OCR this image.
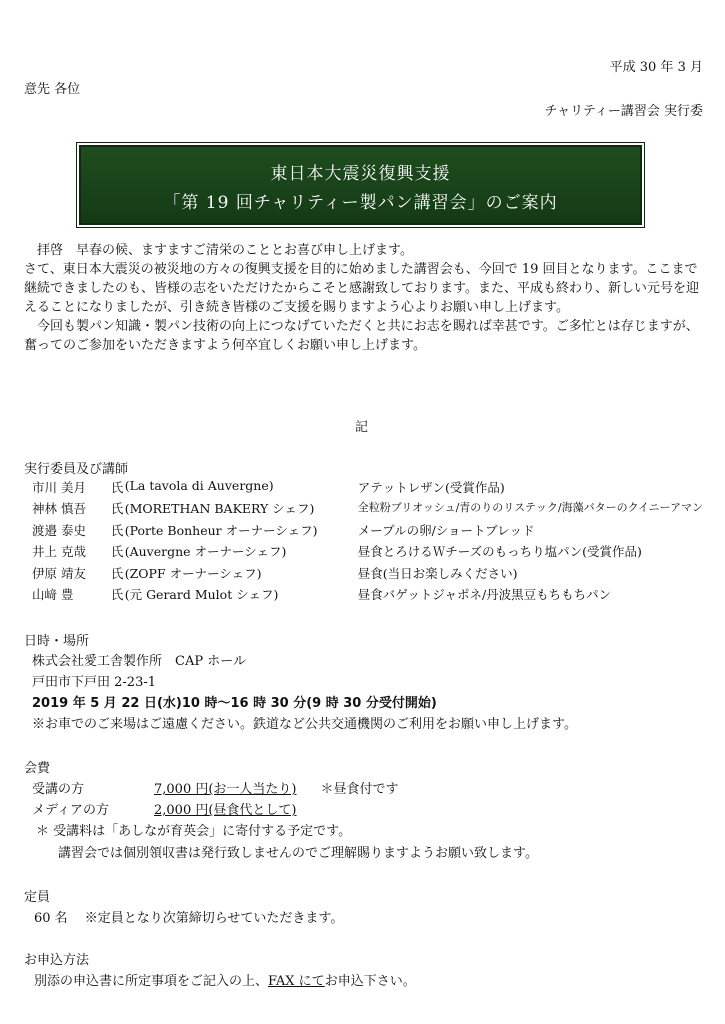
平成 30 年 3 月
意先 各位
チャリティー講習会 実行委
東日本大震災復興支援
「第 19 回チャリティー製パン講習会」のご案内

　拝啓　早春の候、ますますご清栄のこととお喜び申し上げます。

さて、東日本大震災の被災地の方々の復興支援を目的に始めました講習会も、今回で 19 回目となります。ここまで継続できましたのも、皆様の志をいただけたからこそと感謝致しております。また、平成も終わり、新しい元号を迎えることになりましたが、引き続き皆様のご支援を賜りますよう心よりお願い申し上げます。

　今回も製パン知識・製パン技術の向上につなげていただくと共にお志を賜れば幸甚です。ご多忙とは存じますが、奮ってのご参加をいただきますよう何卒宜しくお願い申し上げます。

記
実行委員及び講師
市川 美月	氏	(La tavola di Auvergne)	アテットレザン(受賞作品)
神林 慎吾	氏	(MORETHAN BAKERY シェフ)	全粒粉ブリオッシュ/青のりのリステック/海藻バターのクイニーアマン
渡邉 泰史	氏	(Porte Bonheur オーナーシェフ)	メープルの卵/ショートブレッド
井上 克哉	氏	(Auvergne オーナーシェフ)	昼食とろけるＷチーズのもっちり塩パン(受賞作品)
伊原 靖友	氏	(ZOPF オーナーシェフ)	昼食(当日お楽しみください)
山﨑 豊	氏	(元 Gerard Mulot シェフ)	昼食バゲットジャポネ/丹波黒豆もちもちパン
日時・場所
株式会社愛工舎製作所　CAP ホール
戸田市下戸田 2-23-1
2019 年 5 月 22 日(水)10 時〜16 時 30 分(9 時 30 分受付開始)
※お車でのご来場はご遠慮ください。鉄道など公共交通機関のご利用をお願い申し上げます。
会費
受講の方	7,000 円(お一人当たり) ＊昼食付です
メディアの方	2,000 円(昼食代として)
＊ 受講料は「あしなが育英会」に寄付する予定です。
講習会では個別領収書は発行致しませんのでご理解賜りますようお願い致します。
定員
60 名　 ※定員となり次第締切らせていただきます。
お申込方法
別添の申込書に所定事項をご記入の上、FAX にてお申込下さい。
